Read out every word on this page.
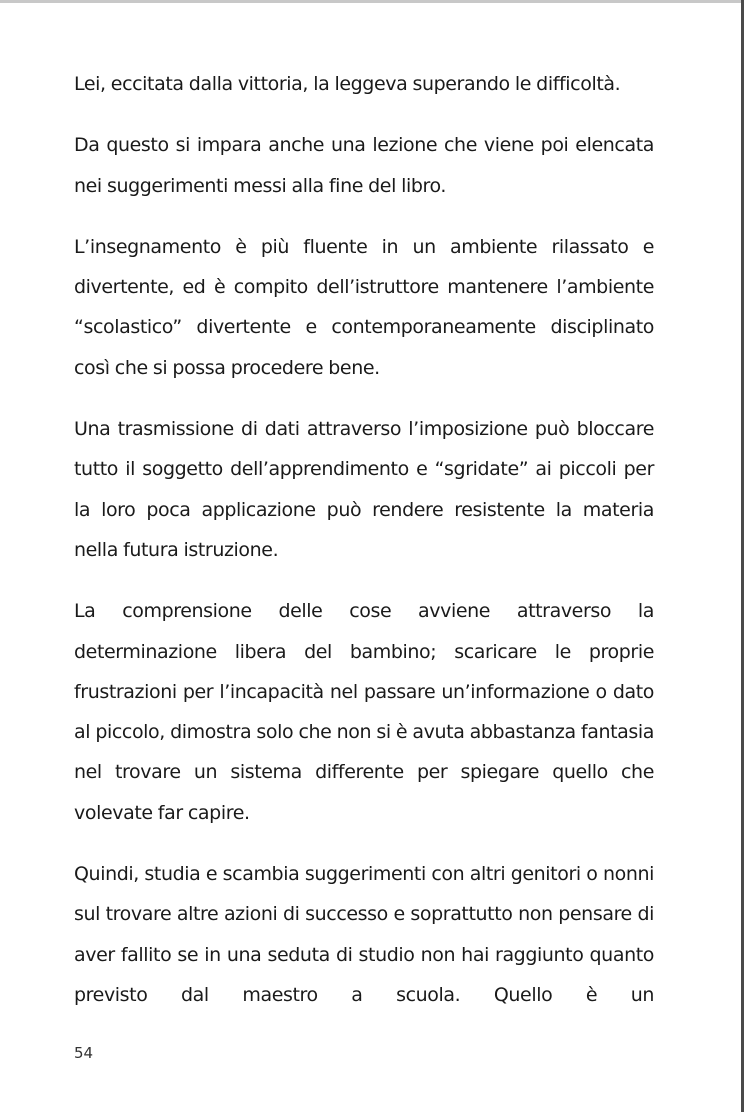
Lei, eccitata dalla vittoria, la leggeva superando le difficoltà.

Da questo si impara anche una lezione che viene poi elencata nei suggerimenti messi alla fine del libro.

L’insegnamento è più fluente in un ambiente rilassato e divertente, ed è compito dell’istruttore mantenere l’ambiente “scolastico” divertente e contemporaneamente disciplinato così che si possa procedere bene.

Una trasmissione di dati attraverso l’imposizione può bloccare tutto il soggetto dell’apprendimento e “sgridate” ai piccoli per la loro poca applicazione può rendere resistente la materia nella futura istruzione.

La comprensione delle cose avviene attraverso la determinazione libera del bambino; scaricare le proprie frustrazioni per l’incapacità nel passare un’informazione o dato al piccolo, dimostra solo che non si è avuta abbastanza fantasia nel trovare un sistema differente per spiegare quello che volevate far capire.

Quindi, studia e scambia suggerimenti con altri genitori o nonni sul trovare altre azioni di successo e soprattutto non pensare di aver fallito se in una seduta di studio non hai raggiunto quanto previsto dal maestro a scuola. Quello è un

54
